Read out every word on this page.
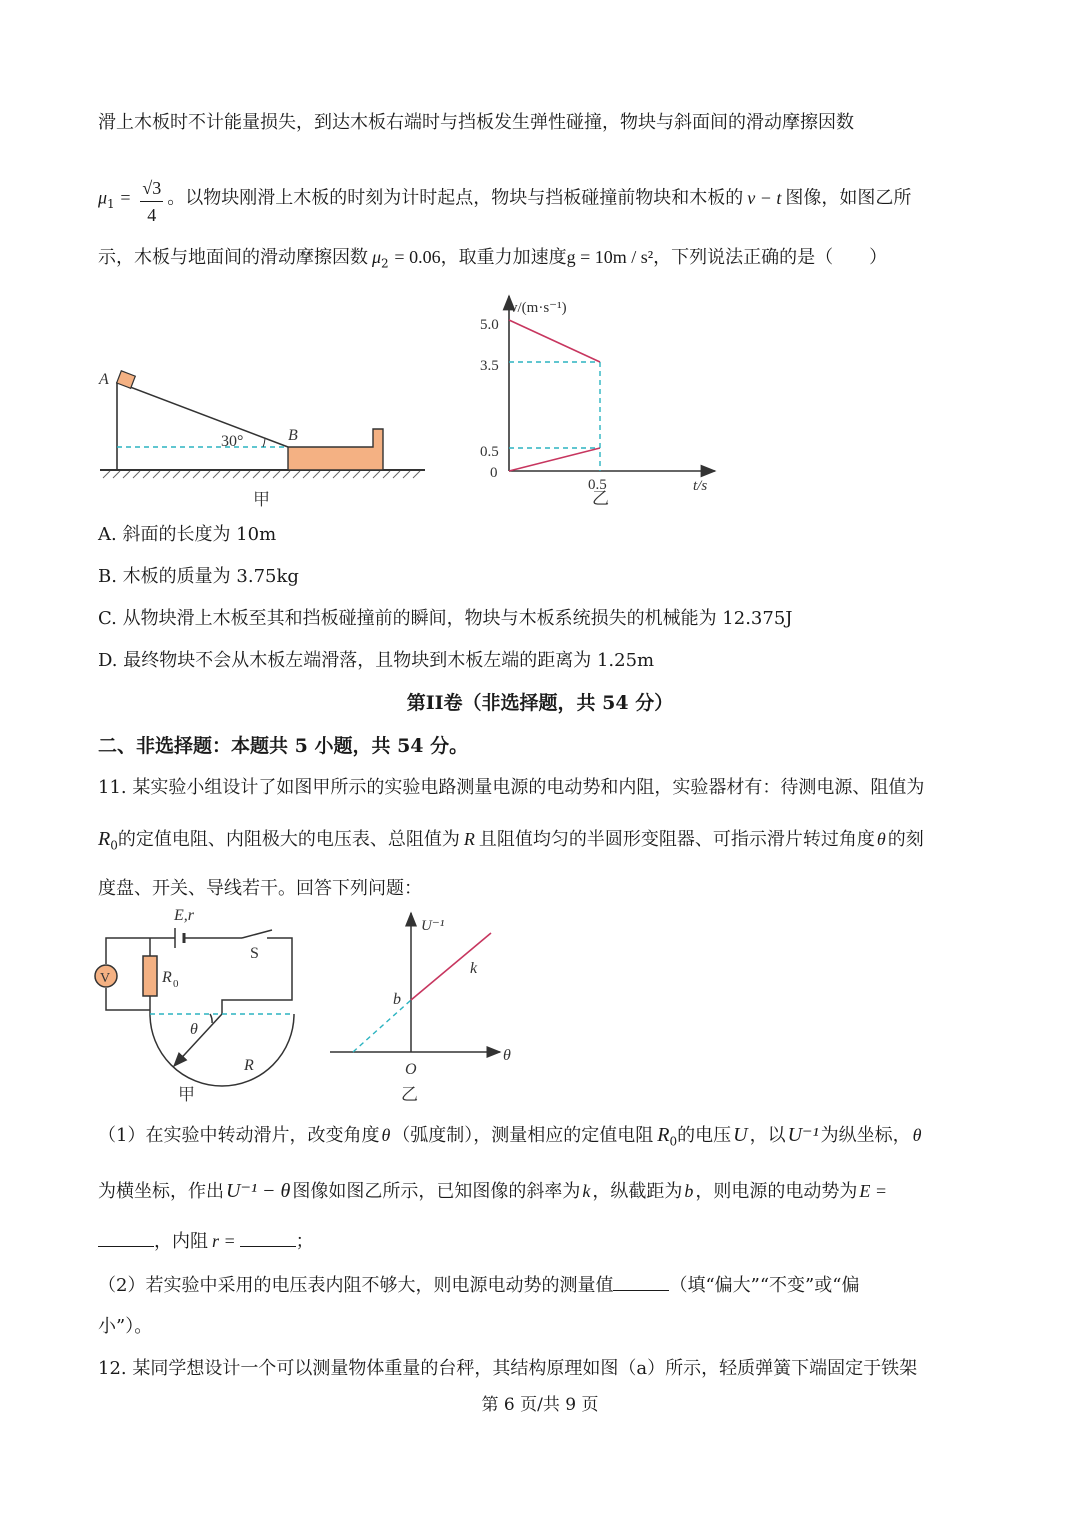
滑上木板时不计能量损失，到达木板右端时与挡板发生弹性碰撞，物块与斜面间的滑动摩擦因数
$\mu_1 = \frac{√3}{4}$ 。以物块刚滑上木板的时刻为计时起点，物块与挡板碰撞前物块和木板的 v − t 图像，如图乙所
示，木板与地面间的滑动摩擦因数 $\mu_2 = 0.06$，取重力加速度g = 10m / s²，下列说法正确的是（　　）
30°
A
B
甲
v/(m·s⁻¹)
t/s
5.0
3.5
0.5
0
0.5
乙
A. 斜面的长度为 10m
B. 木板的质量为 3.75kg
C. 从物块滑上木板至其和挡板碰撞前的瞬间，物块与木板系统损失的机械能为 12.375J
D. 最终物块不会从木板左端滑落，且物块到木板左端的距离为 1.25m
第II卷（非选择题，共 54 分）
二、非选择题：本题共 5 小题，共 54 分。
11. 某实验小组设计了如图甲所示的实验电路测量电源的电动势和内阻，实验器材有：待测电源、阻值为
$R_0$的定值电阻、内阻极大的电压表、总阻值为 R 且阻值均匀的半圆形变阻器、可指示滑片转过角度 θ 的刻
度盘、开关、导线若干。回答下列问题：
V
E,r
S
R 0
θ
R
甲
U⁻¹
θ
b
k
O
乙
（1）在实验中转动滑片，改变角度 θ （弧度制），测量相应的定值电阻 $R_0$的电压 U ，以 U⁻¹ 为纵坐标， θ
为横坐标，作出 U⁻¹ − θ 图像如图乙所示，已知图像的斜率为 k ，纵截距为 b ，则电源的电动势为 E =
，内阻 r =	；
（2）若实验中采用的电压表内阻不够大，则电源电动势的测量值	（填“偏大”“不变”或“偏
小”）。
12. 某同学想设计一个可以测量物体重量的台秤，其结构原理如图（a）所示，轻质弹簧下端固定于铁架
第 6 页/共 9 页
